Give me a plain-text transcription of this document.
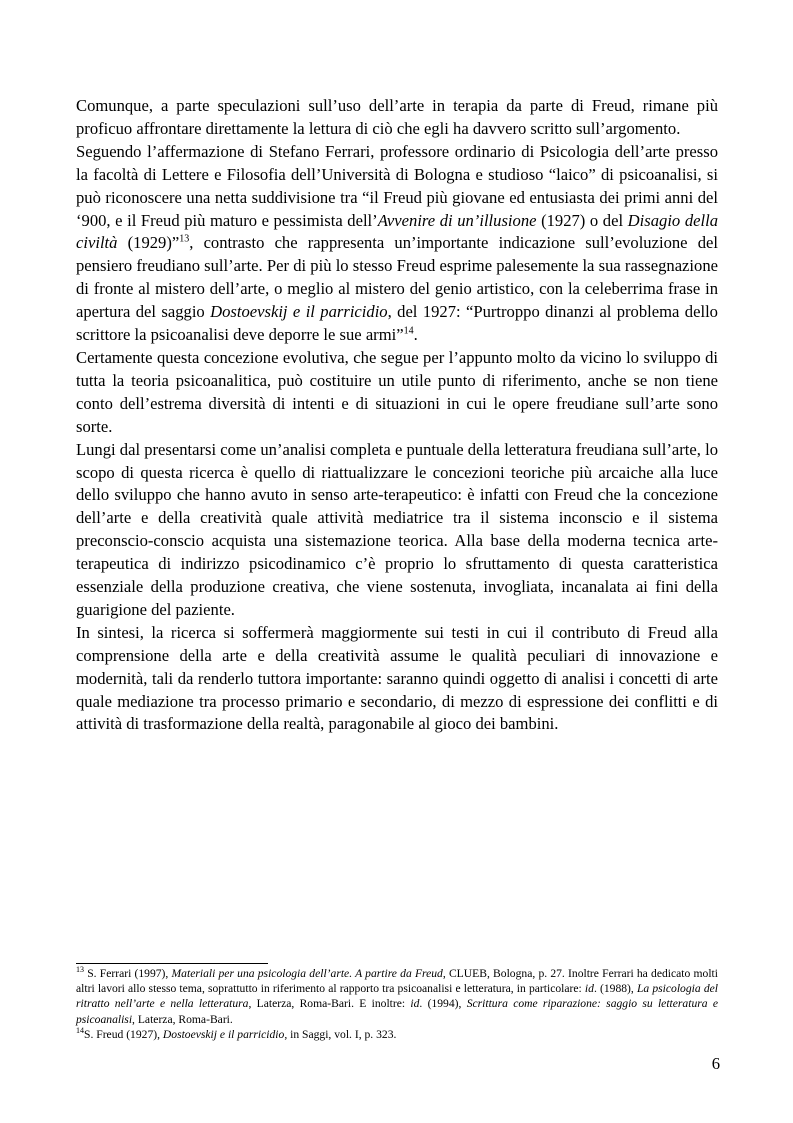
Comunque, a parte speculazioni sull’uso dell’arte in terapia da parte di Freud, rimane più proficuo affrontare direttamente la lettura di ciò che egli ha davvero scritto sull’argomento.

Seguendo l’affermazione di Stefano Ferrari, professore ordinario di Psicologia dell’arte presso la facoltà di Lettere e Filosofia dell’Università di Bologna e studioso “laico” di psicoanalisi, si può riconoscere una netta suddivisione tra “il Freud più giovane ed entusiasta dei primi anni del ‘900, e il Freud più maturo e pessimista dell’Avvenire di un’illusione (1927) o del Disagio della civiltà (1929)”$^{13}$, contrasto che rappresenta un’importante indicazione sull’evoluzione del pensiero freudiano sull’arte. Per di più lo stesso Freud esprime palesemente la sua rassegnazione di fronte al mistero dell’arte, o meglio al mistero del genio artistico, con la celeberrima frase in apertura del saggio Dostoevskij e il parricidio, del 1927: “Purtroppo dinanzi al problema dello scrittore la psicoanalisi deve deporre le sue armi”$^{14}$.

Certamente questa concezione evolutiva, che segue per l’appunto molto da vicino lo sviluppo di tutta la teoria psicoanalitica, può costituire un utile punto di riferimento, anche se non tiene conto dell’estrema diversità di intenti e di situazioni in cui le opere freudiane sull’arte sono sorte.

Lungi dal presentarsi come un’analisi completa e puntuale della letteratura freudiana sull’arte, lo scopo di questa ricerca è quello di riattualizzare le concezioni teoriche più arcaiche alla luce dello sviluppo che hanno avuto in senso arte-terapeutico: è infatti con Freud che la concezione dell’arte e della creatività quale attività mediatrice tra il sistema inconscio e il sistema preconscio-conscio acquista una sistemazione teorica. Alla base della moderna tecnica arte-terapeutica di indirizzo psicodinamico c’è proprio lo sfruttamento di questa caratteristica essenziale della produzione creativa, che viene sostenuta, invogliata, incanalata ai fini della guarigione del paziente.

In sintesi, la ricerca si soffermerà maggiormente sui testi in cui il contributo di Freud alla comprensione della arte e della creatività assume le qualità peculiari di innovazione e modernità, tali da renderlo tuttora importante: saranno quindi oggetto di analisi i concetti di arte quale mediazione tra processo primario e secondario, di mezzo di espressione dei conflitti e di attività di trasformazione della realtà, paragonabile al gioco dei bambini.

$^{13}$ S. Ferrari (1997), Materiali per una psicologia dell’arte. A partire da Freud, CLUEB, Bologna, p. 27. Inoltre Ferrari ha dedicato molti altri lavori allo stesso tema, soprattutto in riferimento al rapporto tra psicoanalisi e letteratura, in particolare: id. (1988), La psicologia del ritratto nell’arte e nella letteratura, Laterza, Roma-Bari. E inoltre: id. (1994), Scrittura come riparazione: saggio su letteratura e psicoanalisi, Laterza, Roma-Bari.

$^{14}$S. Freud (1927), Dostoevskij e il parricidio, in Saggi, vol. I, p. 323.

6
